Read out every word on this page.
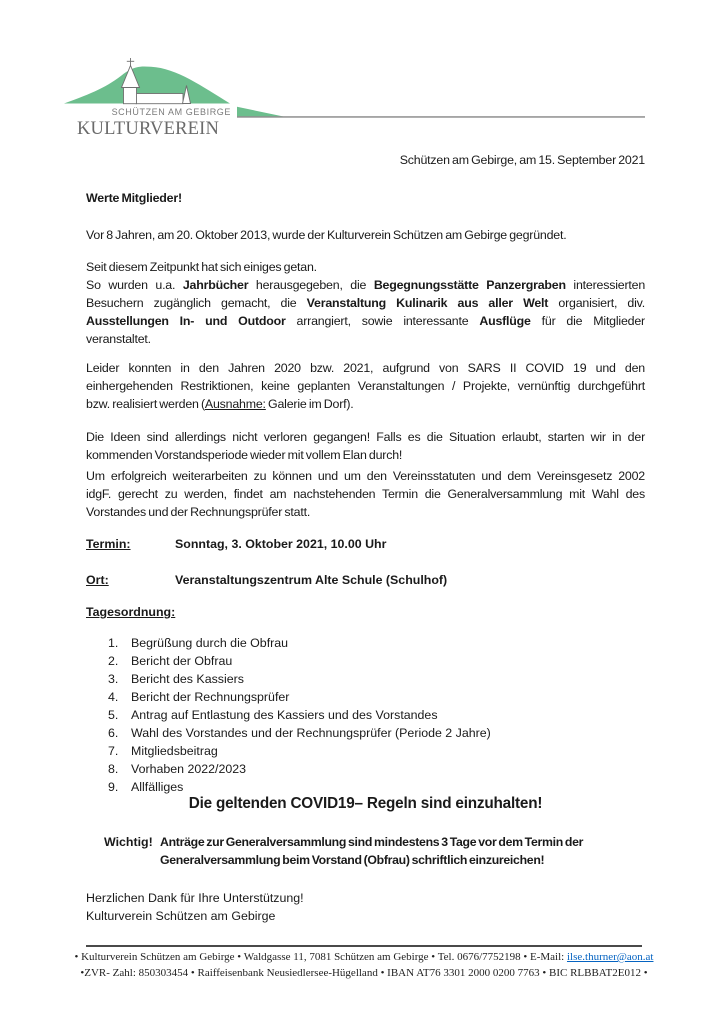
SCHÜTZEN AM GEBIRGE
KULTURVEREIN
Schützen am Gebirge, am 15. September 2021
Werte Mitglieder!
Vor 8 Jahren, am 20. Oktober 2013, wurde der Kulturverein Schützen am Gebirge gegründet.
Seit diesem Zeitpunkt hat sich einiges getan.
So wurden u.a. Jahrbücher herausgegeben, die Begegnungsstätte Panzergraben interessierten
Besuchern zugänglich gemacht, die Veranstaltung Kulinarik aus aller Welt organisiert, div.
Ausstellungen In- und Outdoor arrangiert, sowie interessante Ausflüge für die Mitglieder
veranstaltet.
Leider konnten in den Jahren 2020 bzw. 2021, aufgrund von SARS II COVID 19 und den
einhergehenden Restriktionen, keine geplanten Veranstaltungen / Projekte, vernünftig durchgeführt
bzw. realisiert werden (Ausnahme: Galerie im Dorf).
Die Ideen sind allerdings nicht verloren gegangen! Falls es die Situation erlaubt, starten wir in der
kommenden Vorstandsperiode wieder mit vollem Elan durch!
Um erfolgreich weiterarbeiten zu können und um den Vereinsstatuten und dem Vereinsgesetz 2002
idgF. gerecht zu werden, findet am nachstehenden Termin die Generalversammlung mit Wahl des
Vorstandes und der Rechnungsprüfer statt.
Termin:	Sonntag, 3. Oktober 2021, 10.00 Uhr
Ort:	Veranstaltungszentrum Alte Schule (Schulhof)
Tagesordnung:
1.	Begrüßung durch die Obfrau
2.	Bericht der Obfrau
3.	Bericht des Kassiers
4.	Bericht der Rechnungsprüfer
5.	Antrag auf Entlastung des Kassiers und des Vorstandes
6.	Wahl des Vorstandes und der Rechnungsprüfer (Periode 2 Jahre)
7.	Mitgliedsbeitrag
8.	Vorhaben 2022/2023
9.	Allfälliges
Die geltenden COVID19– Regeln sind einzuhalten!
Wichtig! Anträge zur Generalversammlung sind mindestens 3 Tage vor dem Termin der
Generalversammlung beim Vorstand (Obfrau) schriftlich einzureichen!
Herzlichen Dank für Ihre Unterstützung!
Kulturverein Schützen am Gebirge
• Kulturverein Schützen am Gebirge • Waldgasse 11, 7081 Schützen am Gebirge • Tel. 0676/7752198 • E-Mail: ilse.thurner@aon.at
•ZVR- Zahl: 850303454 • Raiffeisenbank Neusiedlersee-Hügelland • IBAN AT76 3301 2000 0200 7763 • BIC RLBBAT2E012 •
